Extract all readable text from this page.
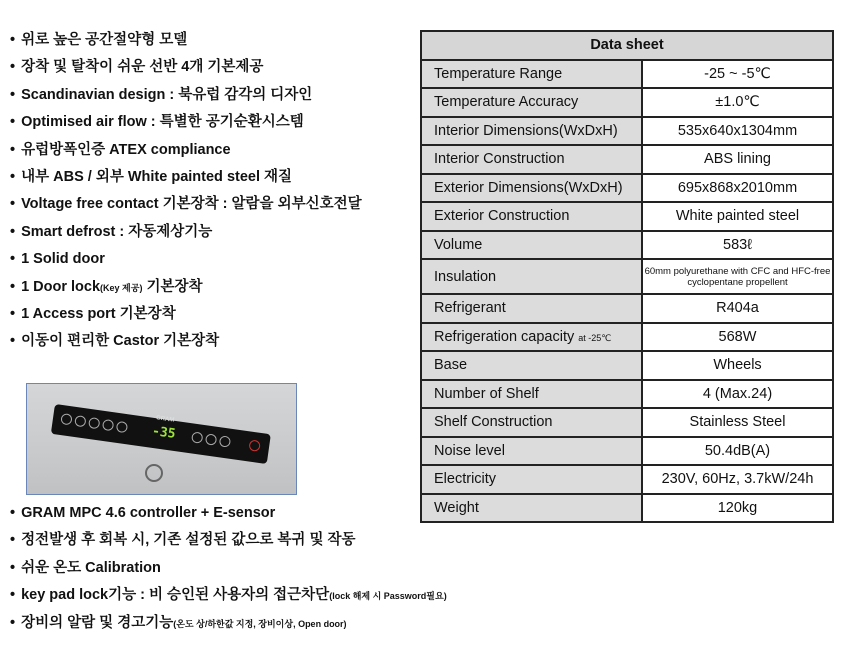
• 위로 높은 공간절약형 모델
• 장착 및 탈착이 쉬운 선반 4개 기본제공
• Scandinavian design : 북유럽 감각의 디자인
• Optimised air flow : 특별한 공기순환시스템
• 유럽방폭인증 ATEX compliance
• 내부 ABS / 외부 White painted steel 재질
• Voltage free contact 기본장착 : 알람을 외부신호전달
• Smart defrost : 자동제상기능
• 1 Solid door
• 1 Door lock(Key 제공) 기본장착
• 1 Access port 기본장착
• 이동이 편리한 Castor 기본장착
GRAM
-35
• GRAM MPC 4.6 controller + E-sensor
• 정전발생 후 회복 시, 기존 설정된 값으로 복귀 및 작동
• 쉬운 온도 Calibration
• key pad lock기능 : 비 승인된 사용자의 접근차단(lock 해제 시 Password필요)
• 장비의 알람 및 경고기능(온도 상/하한값 지정, 장비이상, Open door)
Data sheet	
Temperature Range	-25 ~ -5℃
Temperature Accuracy	±1.0℃
Interior Dimensions(WxDxH)	535x640x1304mm
Interior Construction	ABS lining
Exterior Dimensions(WxDxH)	695x868x2010mm
Exterior Construction	White painted steel
Volume	583ℓ
Insulation	60mm polyurethane with CFC and HFC-free cyclopentane propellent
Refrigerant	R404a
Refrigeration capacity at -25℃	568W
Base	Wheels
Number of Shelf	4 (Max.24)
Shelf Construction	Stainless Steel
Noise level	50.4dB(A)
Electricity	230V, 60Hz, 3.7kW/24h
Weight	120kg
